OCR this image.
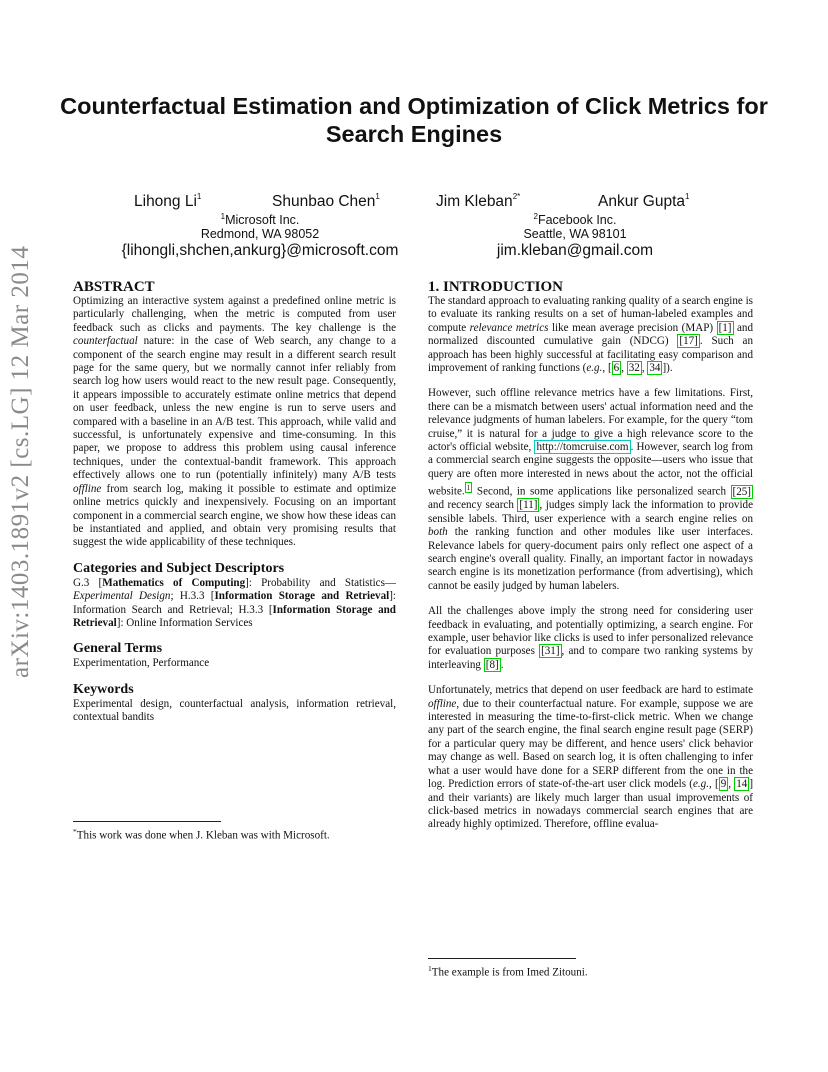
arXiv:1403.1891v2 [cs.LG] 12 Mar 2014
Counterfactual Estimation and Optimization of Click Metrics for Search Engines
Lihong Li$^1$	Shunbao Chen$^1$	Jim Kleban$^{2*}$	Ankur Gupta$^1$
$^1$Microsoft Inc.
Redmond, WA 98052
{lihongli,shchen,ankurg}@microsoft.com
$^2$Facebook Inc.
Seattle, WA 98101
jim.kleban@gmail.com
ABSTRACT

Optimizing an interactive system against a predefined online metric is particularly challenging, when the metric is computed from user feedback such as clicks and payments. The key challenge is the counterfactual nature: in the case of Web search, any change to a component of the search engine may result in a different search result page for the same query, but we normally cannot infer reliably from search log how users would react to the new result page. Consequently, it appears impossible to accurately estimate online metrics that depend on user feedback, unless the new engine is run to serve users and compared with a baseline in an A/B test. This approach, while valid and successful, is unfortunately expensive and time-consuming. In this paper, we propose to address this problem using causal inference techniques, under the contextual-bandit framework. This approach effectively allows one to run (potentially infinitely) many A/B tests offline from search log, making it possible to estimate and optimize online metrics quickly and inexpensively. Focusing on an important component in a commercial search engine, we show how these ideas can be instantiated and applied, and obtain very promising results that suggest the wide applicability of these techniques.

Categories and Subject Descriptors

G.3 [Mathematics of Computing]: Probability and Statistics—Experimental Design; H.3.3 [Information Storage and Retrieval]: Information Search and Retrieval; H.3.3 [Information Storage and Retrieval]: Online Information Services

General Terms

Experimentation, Performance

Keywords

Experimental design, counterfactual analysis, information retrieval, contextual bandits

*This work was done when J. Kleban was with Microsoft.
1. INTRODUCTION

The standard approach to evaluating ranking quality of a search engine is to evaluate its ranking results on a set of human-labeled examples and compute relevance metrics like mean average precision (MAP) [1] and normalized discounted cumulative gain (NDCG) [17] . Such an approach has been highly successful at facilitating easy comparison and improvement of ranking functions (e.g., [ 6 , 32 , 34 ]).

However, such offline relevance metrics have a few limitations. First, there can be a mismatch between users' actual information need and the relevance judgments of human labelers. For example, for the query “tom cruise,” it is natural for a judge to give a high relevance score to the actor's official website, http://tomcruise.com . However, search log from a commercial search engine suggests the opposite—users who issue that query are often more interested in news about the actor, not the official website. $^1$ Second, in some applications like personalized search [25] and recency search [11] , judges simply lack the information to provide sensible labels. Third, user experience with a search engine relies on both the ranking function and other modules like user interfaces. Relevance labels for query-document pairs only reflect one aspect of a search engine's overall quality. Finally, an important factor in nowadays search engine is its monetization performance (from advertising), which cannot be easily judged by human labelers.

All the challenges above imply the strong need for considering user feedback in evaluating, and potentially optimizing, a search engine. For example, user behavior like clicks is used to infer personalized relevance for evaluation purposes [31] , and to compare two ranking systems by interleaving [8] .

Unfortunately, metrics that depend on user feedback are hard to estimate offline, due to their counterfactual nature. For example, suppose we are interested in measuring the time-to-first-click metric. When we change any part of the search engine, the final search engine result page (SERP) for a particular query may be different, and hence users' click behavior may change as well. Based on search log, it is often challenging to infer what a user would have done for a SERP different from the one in the log. Prediction errors of state-of-the-art user click models (e.g., [ 9 , 14 ] and their variants) are likely much larger than usual improvements of click-based metrics in nowadays commercial search engines that are already highly optimized. Therefore, offline evalua-

$^1$The example is from Imed Zitouni.
